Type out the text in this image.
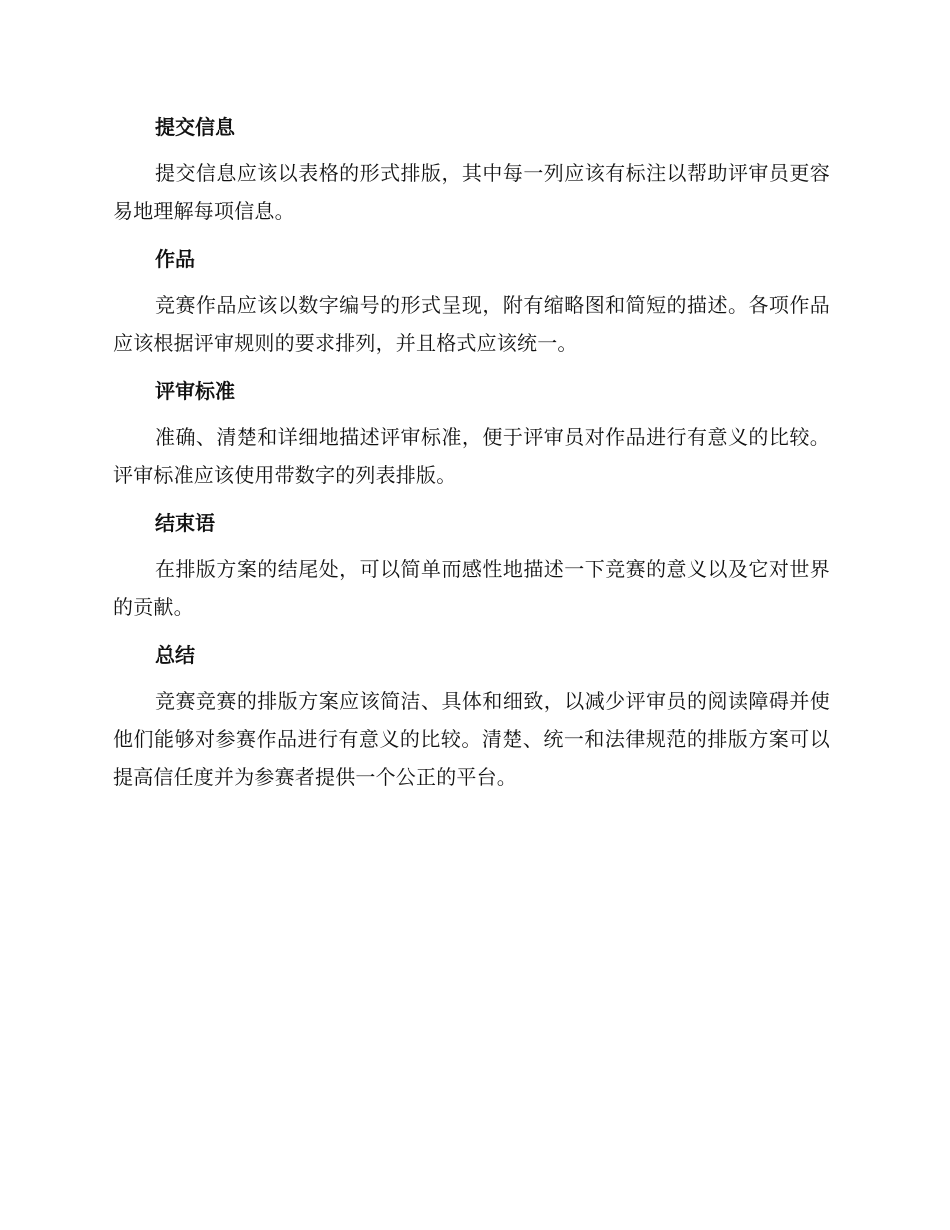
提交信息

提交信息应该以表格的形式排版，其中每一列应该有标注以帮助评审员更容易地理解每项信息。

作品

竞赛作品应该以数字编号的形式呈现，附有缩略图和简短的描述。各项作品应该根据评审规则的要求排列，并且格式应该统一。

评审标准

准确、清楚和详细地描述评审标准，便于评审员对作品进行有意义的比较。评审标准应该使用带数字的列表排版。

结束语

在排版方案的结尾处，可以简单而感性地描述一下竞赛的意义以及它对世界的贡献。

总结

竞赛竞赛的排版方案应该简洁、具体和细致，以减少评审员的阅读障碍并使他们能够对参赛作品进行有意义的比较。清楚、统一和法律规范的排版方案可以提高信任度并为参赛者提供一个公正的平台。
